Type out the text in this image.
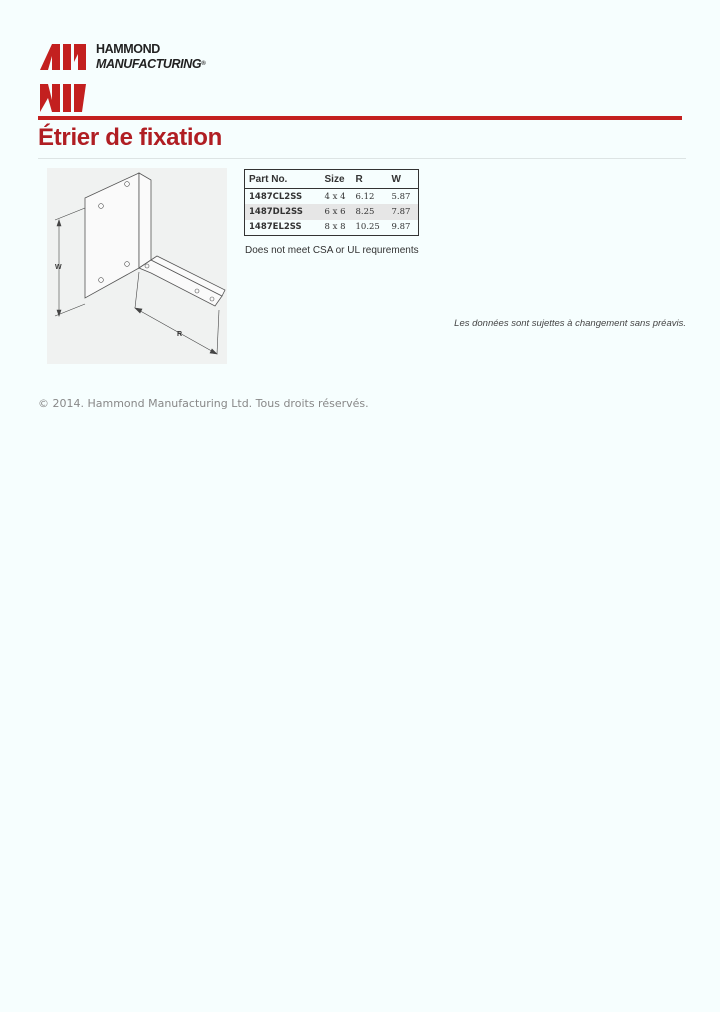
HAMMOND
MANUFACTURING®
Étrier de fixation
W
R
Part No.	Size	R	W
1487CL2SS	4 x 4	6.12	5.87
1487DL2SS	6 x 6	8.25	7.87
1487EL2SS	8 x 8	10.25	9.87

Does not meet CSA or UL requrements

Les données sont sujettes à changement sans préavis.

© 2014. Hammond Manufacturing Ltd. Tous droits réservés.
